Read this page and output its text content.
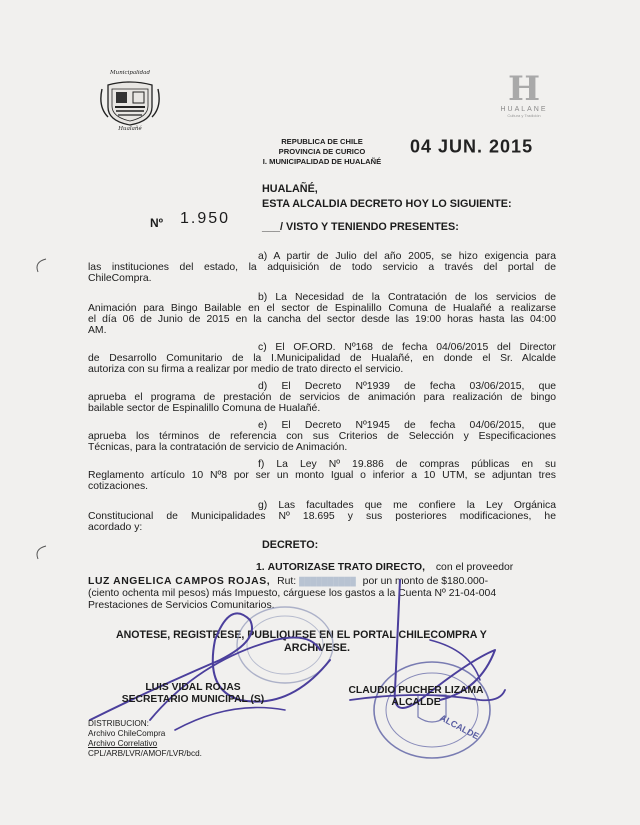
Municipalidad
Hualañé
H
HUALANE
Cultura y Tradición
REPUBLICA DE CHILE
PROVINCIA DE CURICO
I. MUNICIPALIDAD DE HUALAÑÉ
04 JUN. 2015
HUALAÑÉ,
ESTA ALCALDIA DECRETO HOY LO SIGUIENTE:
Nº 1.950	___/ VISTO Y TENIENDO PRESENTES:
a) A partir de Julio del año 2005, se hizo exigencia para
las instituciones del estado, la adquisición de todo servicio a través del portal de
ChileCompra.
b) La Necesidad de la Contratación de los servicios de
Animación para Bingo Bailable en el sector de Espinalillo Comuna de Hualañé a realizarse
el día 06 de Junio de 2015 en la cancha del sector desde las 19:00 horas hasta las 04:00
AM.
c) El OF.ORD. Nº168 de fecha 04/06/2015 del Director
de Desarrollo Comunitario de la I.Municipalidad de Hualañé, en donde el Sr. Alcalde
autoriza con su firma a realizar por medio de trato directo el servicio.
d) El Decreto Nº1939 de fecha 03/06/2015, que
aprueba el programa de prestación de servicios de animación para realización de bingo
bailable sector de Espinalillo Comuna de Hualañé.
e) El Decreto Nº1945 de fecha 04/06/2015, que
aprueba los términos de referencia con sus Criterios de Selección y Especificaciones
Técnicas, para la contratación de servicio de Animación.
f) La Ley Nº 19.886 de compras públicas en su
Reglamento artículo 10 Nº8 por ser un monto Igual o inferior a 10 UTM, se adjuntan tres
cotizaciones.
g) Las facultades que me confiere la Ley Orgánica
Constitucional de Municipalidades Nº 18.695 y sus posteriores modificaciones, he
acordado y:
DECRETO:
1. AUTORIZASE TRATO DIRECTO, con el proveedor
LUZ ANGELICA CAMPOS ROJAS, Rut: ██████████ por un monto de $180.000-
(ciento ochenta mil pesos) más Impuesto, cárguese los gastos a la Cuenta Nº 21-04-004
Prestaciones de Servicios Comunitarios.
ANOTESE, REGISTRESE, PUBLIQUESE EN EL PORTAL CHILECOMPRA Y
ARCHIVESE.
ALCALDE
LUIS VIDAL ROJAS
SECRETARIO MUNICIPAL (S)
CLAUDIO PUCHER LIZAMA
ALCALDE
DISTRIBUCION:
Archivo ChileCompra
Archivo Correlativo
CPL/ARB/LVR/AMOF/LVR/bcd.
